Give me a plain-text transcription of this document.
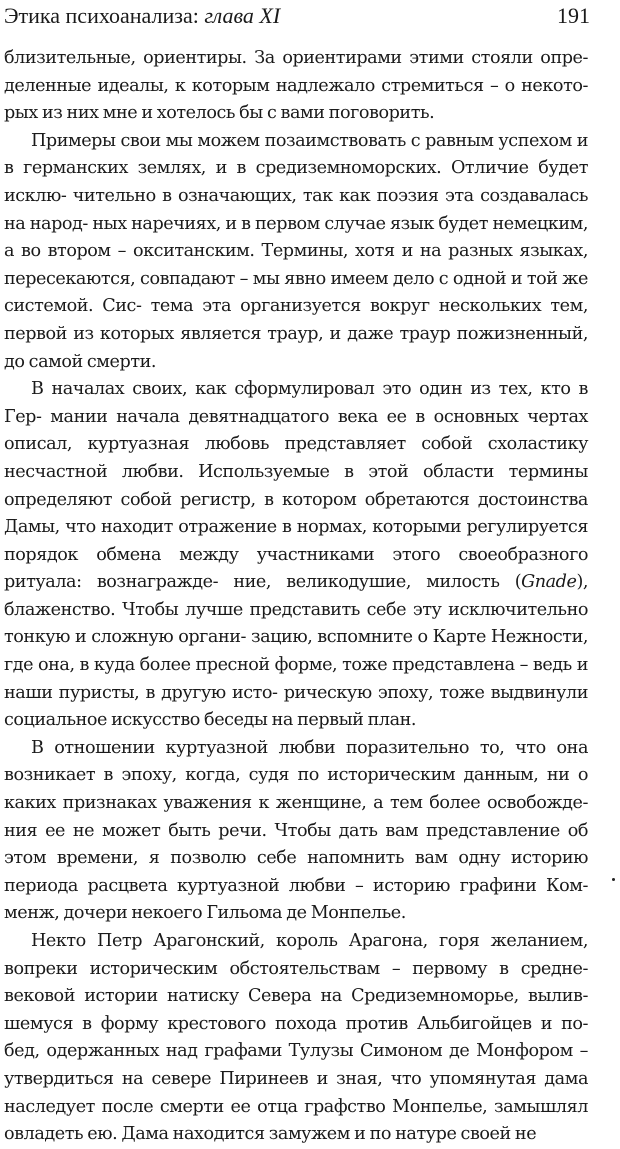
Этика психоанализа: глава XI	191

близительные, ориентиры. За ориентирами этими стояли опре- деленные идеалы, к которым надлежало стремиться – о некото- рых из них мне и хотелось бы с вами поговорить.

Примеры свои мы можем позаимствовать с равным успехом и в германских землях, и в средиземноморских. Отличие будет исклю- чительно в означающих, так как поэзия эта создавалась на народ- ных наречиях, и в первом случае язык будет немецким, а во втором – окситанским. Термины, хотя и на разных языках, пересекаются, совпадают – мы явно имеем дело с одной и той же системой. Сис- тема эта организуется вокруг нескольких тем, первой из которых является траур, и даже траур пожизненный, до самой смерти.

В началах своих, как сформулировал это один из тех, кто в Гер- мании начала девятнадцатого века ее в основных чертах описал, куртуазная любовь представляет собой схоластику несчастной любви. Используемые в этой области термины определяют собой регистр, в котором обретаются достоинства Дамы, что находит отражение в нормах, которыми регулируется порядок обмена между участниками этого своеобразного ритуала: вознагражде- ние, великодушие, милость (Gnade), блаженство. Чтобы лучше представить себе эту исключительно тонкую и сложную органи- зацию, вспомните о Карте Нежности, где она, в куда более пресной форме, тоже представлена – ведь и наши пуристы, в другую исто- рическую эпоху, тоже выдвинули социальное искусство беседы на первый план.

В отношении куртуазной любви поразительно то, что она возникает в эпоху, когда, судя по историческим данным, ни о каких признаках уважения к женщине, а тем более освобожде- ния ее не может быть речи. Чтобы дать вам представление об этом времени, я позволю себе напомнить вам одну историю периода расцвета куртуазной любви – историю графини Ком- менж, дочери некоего Гильома де Монпелье.

Некто Петр Арагонский, король Арагона, горя желанием, вопреки историческим обстоятельствам – первому в средне- вековой истории натиску Севера на Средиземноморье, вылив- шемуся в форму крестового похода против Альбигойцев и по- бед, одержанных над графами Тулузы Симоном де Монфором – утвердиться на севере Пиринеев и зная, что упомянутая дама наследует после смерти ее отца графство Монпелье, замышлял овладеть ею. Дама находится замужем и по натуре своей не
